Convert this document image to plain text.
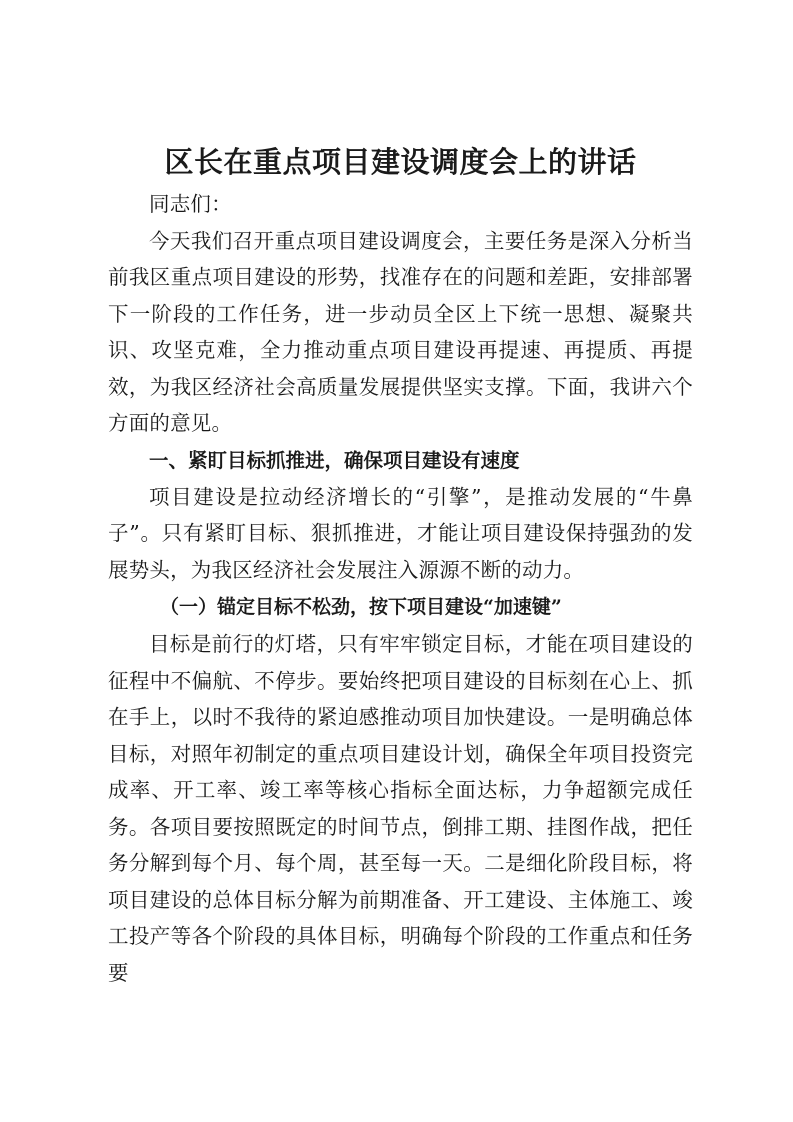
区长在重点项目建设调度会上的讲话

同志们：

今天我们召开重点项目建设调度会，主要任务是深入分析当前我区重点项目建设的形势，找准存在的问题和差距，安排部署下一阶段的工作任务，进一步动员全区上下统一思想、凝聚共识、攻坚克难，全力推动重点项目建设再提速、再提质、再提效，为我区经济社会高质量发展提供坚实支撑。下面，我讲六个方面的意见。

一、紧盯目标抓推进，确保项目建设有速度

项目建设是拉动经济增长的“引擎”，是推动发展的“牛鼻子”。只有紧盯目标、狠抓推进，才能让项目建设保持强劲的发展势头，为我区经济社会发展注入源源不断的动力。

（一）锚定目标不松劲，按下项目建设“加速键”

目标是前行的灯塔，只有牢牢锁定目标，才能在项目建设的征程中不偏航、不停步。要始终把项目建设的目标刻在心上、抓在手上，以时不我待的紧迫感推动项目加快建设。一是明确总体目标，对照年初制定的重点项目建设计划，确保全年项目投资完成率、开工率、竣工率等核心指标全面达标，力争超额完成任务。各项目要按照既定的时间节点，倒排工期、挂图作战，把任务分解到每个月、每个周，甚至每一天。二是细化阶段目标，将项目建设的总体目标分解为前期准备、开工建设、主体施工、竣工投产等各个阶段的具体目标，明确每个阶段的工作重点和任务要
